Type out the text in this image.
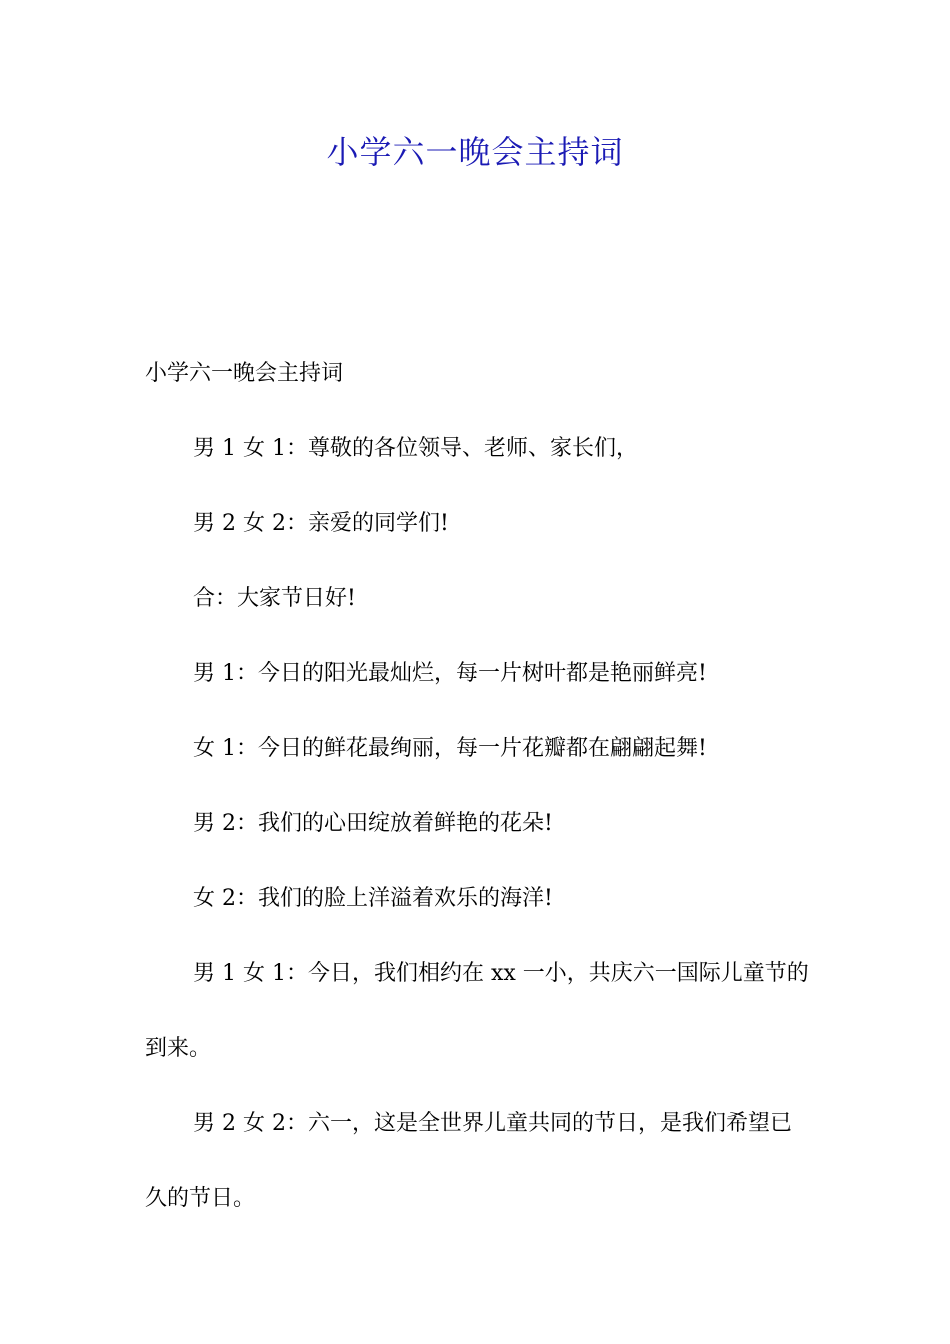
小学六一晚会主持词

小学六一晚会主持词

男 1 女 1：尊敬的各位领导、老师、家长们，

男 2 女 2：亲爱的同学们!

合：大家节日好!

男 1：今日的阳光最灿烂，每一片树叶都是艳丽鲜亮!

女 1：今日的鲜花最绚丽，每一片花瓣都在翩翩起舞!

男 2：我们的心田绽放着鲜艳的花朵!

女 2：我们的脸上洋溢着欢乐的海洋!

男 1 女 1：今日，我们相约在 xx 一小，共庆六一国际儿童节的到来。

男 2 女 2：六一，这是全世界儿童共同的节日，是我们希望已久的节日。
